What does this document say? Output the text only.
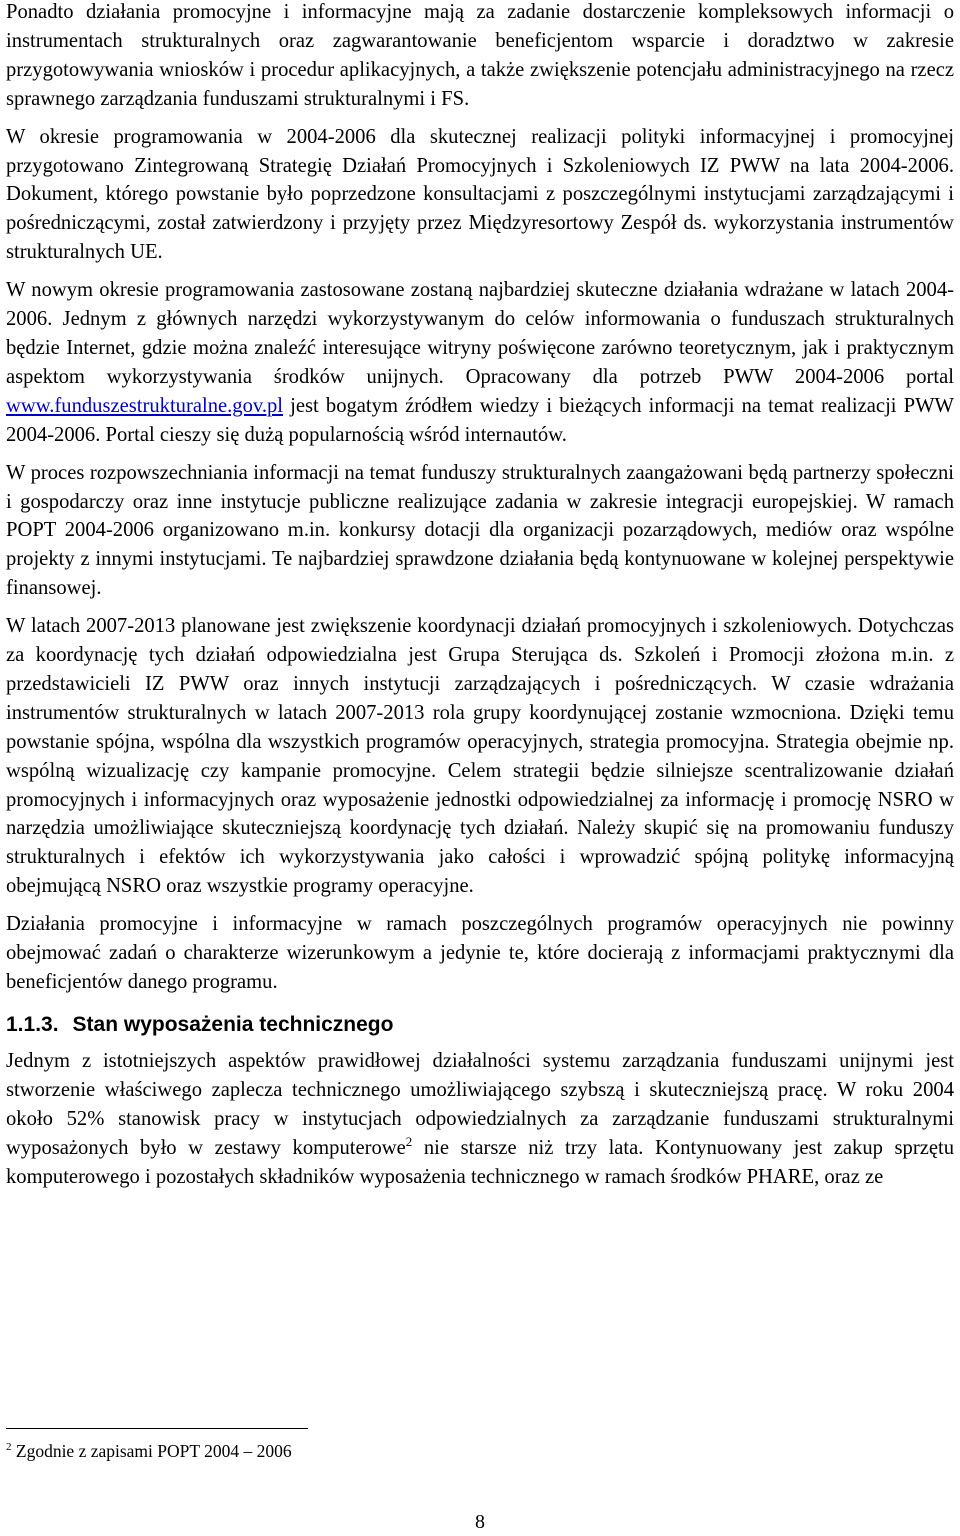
Ponadto działania promocyjne i informacyjne mają za zadanie dostarczenie kompleksowych informacji o instrumentach strukturalnych oraz zagwarantowanie beneficjentom wsparcie i doradztwo w zakresie przygotowywania wniosków i procedur aplikacyjnych, a także zwiększenie potencjału administracyjnego na rzecz sprawnego zarządzania funduszami strukturalnymi i FS.

W okresie programowania w 2004-2006 dla skutecznej realizacji polityki informacyjnej i promocyjnej przygotowano Zintegrowaną Strategię Działań Promocyjnych i Szkoleniowych IZ PWW na lata 2004-2006. Dokument, którego powstanie było poprzedzone konsultacjami z poszczególnymi instytucjami zarządzającymi i pośredniczącymi, został zatwierdzony i przyjęty przez Międzyresortowy Zespół ds. wykorzystania instrumentów strukturalnych UE.

W nowym okresie programowania zastosowane zostaną najbardziej skuteczne działania wdrażane w latach 2004-2006. Jednym z głównych narzędzi wykorzystywanym do celów informowania o funduszach strukturalnych będzie Internet, gdzie można znaleźć interesujące witryny poświęcone zarówno teoretycznym, jak i praktycznym aspektom wykorzystywania środków unijnych. Opracowany dla potrzeb PWW 2004-2006 portal www.funduszestrukturalne.gov.pl jest bogatym źródłem wiedzy i bieżących informacji na temat realizacji PWW 2004-2006. Portal cieszy się dużą popularnością wśród internautów.

W proces rozpowszechniania informacji na temat funduszy strukturalnych zaangażowani będą partnerzy społeczni i gospodarczy oraz inne instytucje publiczne realizujące zadania w zakresie integracji europejskiej. W ramach POPT 2004-2006 organizowano m.in. konkursy dotacji dla organizacji pozarządowych, mediów oraz wspólne projekty z innymi instytucjami. Te najbardziej sprawdzone działania będą kontynuowane w kolejnej perspektywie finansowej.

W latach 2007-2013 planowane jest zwiększenie koordynacji działań promocyjnych i szkoleniowych. Dotychczas za koordynację tych działań odpowiedzialna jest Grupa Sterująca ds. Szkoleń i Promocji złożona m.in. z przedstawicieli IZ PWW oraz innych instytucji zarządzających i pośredniczących. W czasie wdrażania instrumentów strukturalnych w latach 2007-2013 rola grupy koordynującej zostanie wzmocniona. Dzięki temu powstanie spójna, wspólna dla wszystkich programów operacyjnych, strategia promocyjna. Strategia obejmie np. wspólną wizualizację czy kampanie promocyjne. Celem strategii będzie silniejsze scentralizowanie działań promocyjnych i informacyjnych oraz wyposażenie jednostki odpowiedzialnej za informację i promocję NSRO w narzędzia umożliwiające skuteczniejszą koordynację tych działań. Należy skupić się na promowaniu funduszy strukturalnych i efektów ich wykorzystywania jako całości i wprowadzić spójną politykę informacyjną obejmującą NSRO oraz wszystkie programy operacyjne.

Działania promocyjne i informacyjne w ramach poszczególnych programów operacyjnych nie powinny obejmować zadań o charakterze wizerunkowym a jedynie te, które docierają z informacjami praktycznymi dla beneficjentów danego programu.

1.1.3. Stan wyposażenia technicznego

Jednym z istotniejszych aspektów prawidłowej działalności systemu zarządzania funduszami unijnymi jest stworzenie właściwego zaplecza technicznego umożliwiającego szybszą i skuteczniejszą pracę. W roku 2004 około 52% stanowisk pracy w instytucjach odpowiedzialnych za zarządzanie funduszami strukturalnymi wyposażonych było w zestawy komputerowe$^2$ nie starsze niż trzy lata. Kontynuowany jest zakup sprzętu komputerowego i pozostałych składników wyposażenia technicznego w ramach środków PHARE, oraz ze

$^2$ Zgodnie z zapisami POPT 2004 – 2006
8
